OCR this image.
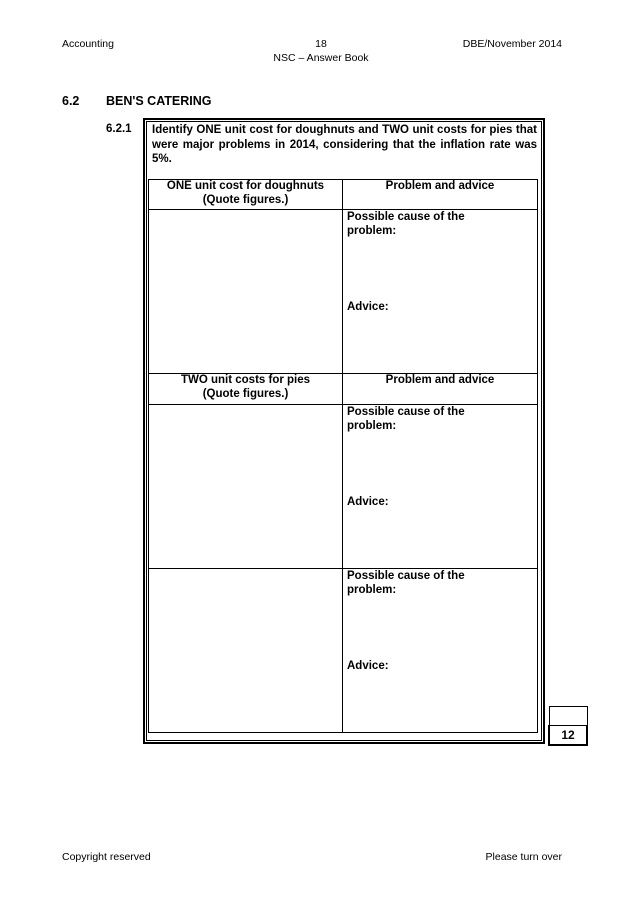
Accounting	18	DBE/November 2014
NSC – Answer Book
6.2 BEN'S CATERING
6.2.1 Identify ONE unit cost for doughnuts and TWO unit costs for pies that were major problems in 2014, considering that the inflation rate was 5%.
ONE unit cost for doughnuts
(Quote figures.)	Problem and advice

	Possible cause of the problem:
Advice:
TWO unit costs for pies
(Quote figures.)	Problem and advice

	Possible cause of the problem:
Advice:

	Possible cause of the problem:
Advice:

12
Copyright reserved	Please turn over
